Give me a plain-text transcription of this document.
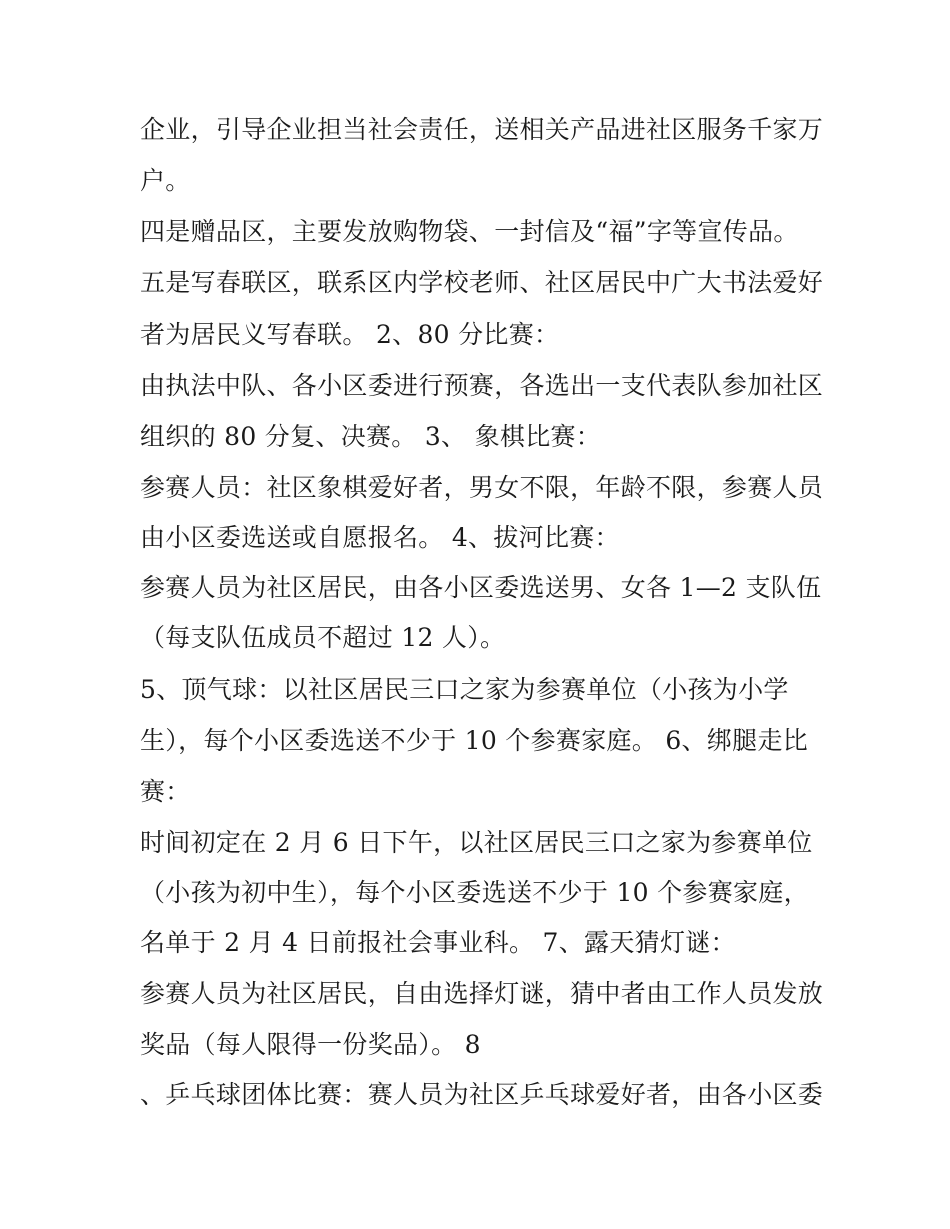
企业，引导企业担当社会责任，送相关产品进社区服务千家万
户。
四是赠品区，主要发放购物袋、一封信及“福”字等宣传品。
五是写春联区，联系区内学校老师、社区居民中广大书法爱好
者为居民义写春联。 2、80 分比赛：
由执法中队、各小区委进行预赛，各选出一支代表队参加社区
组织的 80 分复、决赛。 3、 象棋比赛：
参赛人员：社区象棋爱好者，男女不限，年龄不限，参赛人员
由小区委选送或自愿报名。 4、拔河比赛：
参赛人员为社区居民，由各小区委选送男、女各 1—2 支队伍
（每支队伍成员不超过 12 人）。
5、顶气球：以社区居民三口之家为参赛单位（小孩为小学
生），每个小区委选送不少于 10 个参赛家庭。 6、绑腿走比
赛：
时间初定在 2 月 6 日下午，以社区居民三口之家为参赛单位
（小孩为初中生），每个小区委选送不少于 10 个参赛家庭，
名单于 2 月 4 日前报社会事业科。 7、露天猜灯谜：
参赛人员为社区居民，自由选择灯谜，猜中者由工作人员发放
奖品（每人限得一份奖品）。 8
、乒乓球团体比赛：赛人员为社区乒乓球爱好者，由各小区委
